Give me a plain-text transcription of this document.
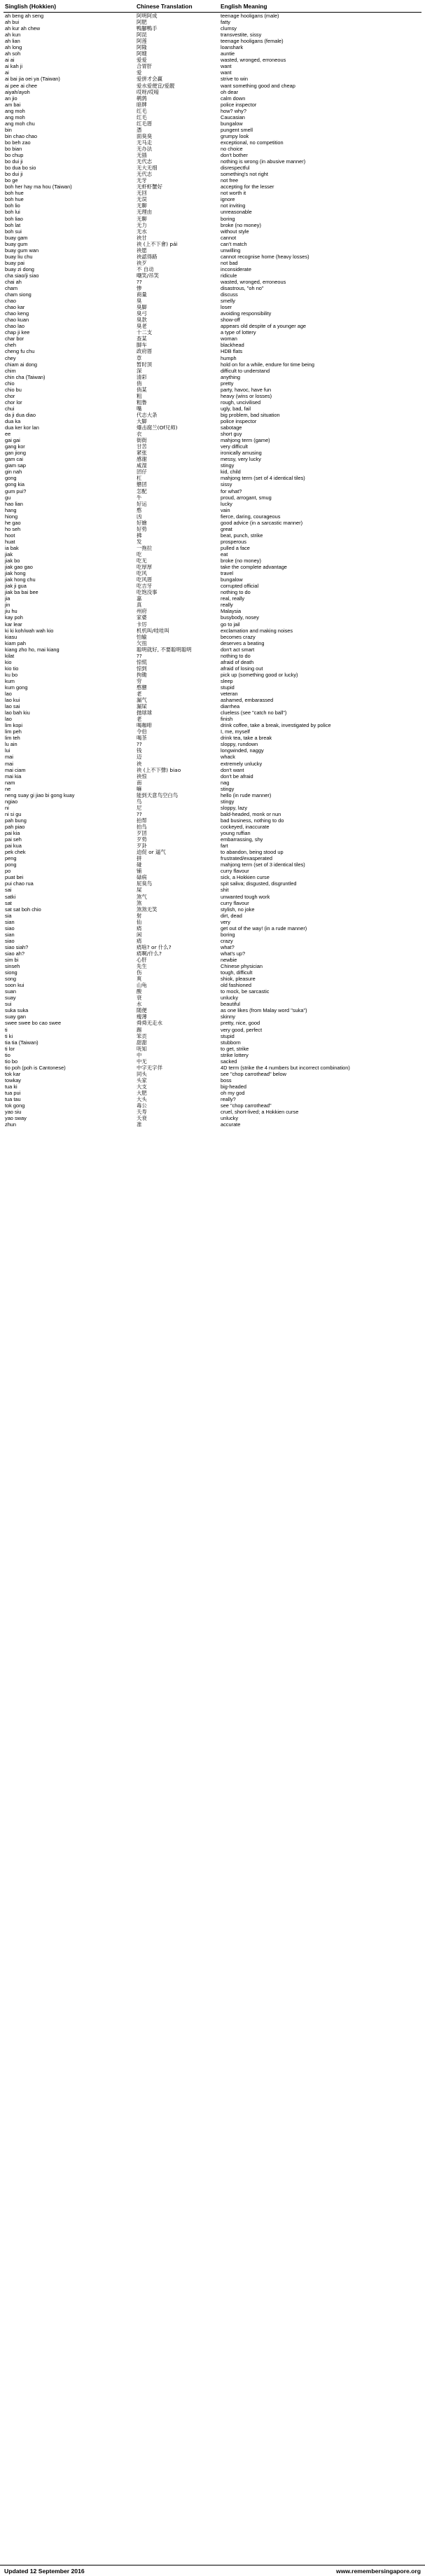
Singlish (Hokkien)	Chinese Translation	English Meaning
ah beng ah seng	阿明阿成	teenage hooligans (male)
ah bui	阿肥	fatty
ah kur ah chew	鴨腳鴨手	clumsy
ah kun	阿昆	transvestite, sissy
ah lian	阿莲	teenage hooligans (female)
ah long	阿隆	loanshark
ah soh	阿嫂	auntie
ai ai	爱爱	wasted, wronged, erroneous
ai kah ji	合胃肝	want
ai	爱	want
ai bai jia oei ya (Taiwan)	爱拼才会赢	strive to win
ai pee ai chee	爱水爱便宜/爱靓	want something good and cheap
aiyah/ayoh	哎呀/哎唷	oh dear
an jio	鹌鹑	calm down
am bai	暗牌	police inspector
ang moh	红毛	how? why?
ang moh	红毛	Caucasian
ang moh chu	红毛厝	bungalow
bin	憑	pungent smell
bin chao chao	面臭臭	grumpy look
bo beh zao	无马走	exceptional, no competition
bo bian	无办法	no choice
bo chup	无插	don't bother
bo dui ji	无代志	nothing is wrong (in abusive manner)
bo dua bo sio	无大无细	disrespectful
bo dui ji	无代志	something's not right
bo ge	无牙	not free
boh her hay ma hou (Taiwan)	无虾虾蟹好	accepting for the lesser
boh hue	无回	not worth it
boh hue	无误	ignore
boh lio	无聊	not inviting
boh lui	无理由	unreasonable
boh liao	无聊	boring
boh lat	无力	broke (no money)
boh sui	无水	without style
buay gam	袂甘	cannot
buay gum	袂 (上不下會) pái	can't match
buay gum wan	袂愿	unwilling
buay liu chu	袂認得路	cannot recognise home (heavy losses)
buay pai	袂歹	not bad
buay zi dong	不 自动	inconsiderate
cha siao/ji siao	嘲笑/吊笑	ridicule
chai ah	??	wasted, wronged, erroneous
cham	惨	disastrous, "oh no"
cham siong	商量	discuss
chao	臭	smelly
chao kar	臭脚	loser
chao keng	臭弓	avoiding responsibility
chao kuan	臭款	show-off
chao lao	臭老	appears old despite of a younger age
chap ji kee	十二支	a type of lottery
char bor	查某	woman
cheh	脚车	blackhead
cheng fu chu	政府厝	HDB flats
chey	草	humph
chiam ai dong	暂时顶	hold on for a while, endure for time being
chim	深	difficult to understand
chin cha (Taiwan)	清彩	anything
chio	俏	pretty
chio bu	俏某	party, havoc, have fun
chor	粗	heavy (wins or losses)
chor lor	粗鲁	rough, uncivilised
chui	嘴	ugly, bad, fail
da ji dua diao	代志大条	big problem, bad situation
dua ka	大脚	police inspector
dua ker kor lan	爆击腐兰(Of兄师)	sabotage
ee	衣	short guy
gai gai	街街	mahjong term (game)
gang kor	甘苦	very difficult
gan jiong	紧张	ironically amusing
gam cai	感谢	messy, very lucky
giam sap	咸湿	stingy
gin nah	囝仔	kid, child
gong	杠	mahjong term (set of 4 identical tiles)
gong kia	戆囝	sissy
gum pui?	怎配	for what?
gu	牛	proud, arrogant, smug
hao lian	好运	lucky
hang	憨	vain
hiong	凶	fierce, daring, courageous
he gao	好繪	good advice (in a sarcastic manner)
ho seh	好势	great
hoot	拂	beat, punch, strike
huat	发	prosperous
ia bak	一拖拉	pulled a face
jiak	吃	eat
jiak bo	吃无	broke (no money)
jiak gao gao	吃厚厚	take the complete advantage
jiak hong	吃风	travel
jiak hong chu	吃风厝	bungalow
jiak ji gua	吃吉牙	corrupted official
jiak ba bai bee	吃饱没事	nothing to do
jia	嘉	real, really
jin	真	really
jiu hu	州府	Malaysia
kay poh	家婆	busybody, nosey
kar lear	卡厉	go to jail
ki ki koh/wah wah kio	机机叫/哇哇叫	exclamation and making noises
kiasu	怕输	becomes crazy
kiam pah	欠扭	deserves a beating
kiang zho ho, mai kiang	聪明就好, 不要聪明聪明	don't act smart
kilat	??	nothing to do
kio	惊慌	afraid of death
kio tio	惊到	afraid of losing out
ku bo	拘锄	pick up (something good or lucky)
kum	穷	sleep
kum gong	憨戆	stupid
lao	老	veteran
lao kui	漏气	ashamed, embarassed
lao sai	漏屎	diarrhea
lao bah kiu	抛球球	clueless (see "catch no ball")
lao	老	finish
lim kopi	喝咖啡	drink coffee, take a break, investigated by police
lim peh	令伯	I, me, myself
lim teh	喝茶	drink tea, take a break
lu ain	??	sloppy, rundown
lui	钱	longwinded, naggy
mai	迈	whack
mai	袂	extremely unlucky
mai ciam	袂 (上不下聲) biao	don't want
mai kia	袂惊	don't be afraid
nam	南	nag
ne	嘛	stingy
neng suay gi jiao bi gong kuay	能到天意鸟空白鸟	hello (in rude manner)
ngiao	鸟	stingy
ni	尼	sloppy, lazy
ni si gu	??	bald-headed, monk or nun
pah bung	拍帮	bad business, nothing to do
pah piao	拍鸟	cockeyed, inaccurate
pai kia	歹囝	young ruffian
pai seh	歹势	embarrassing, shy
pai kua	歹卦	fart
pek chek	迫促 or 逼气	to abandon, being stood up
peng	拼	frustrated/exasperated
pong	碰	mahjong term (set of 3 identical tiles)
po	铺	curry flavour
puat bei	碌病	sick, a Hokkien curse
pui chao rua	屁臭鸟	spit saliva; disgusted, disgruntled
sai	屎	shit
satki	煞气	unwanted tough work
sat	煞	curry flavour
sat sat boh chio	煞煞无笑	stylish, no joke
sia	射	dirt, dead
sian	仙	very
siao	痟	get out of the way! (in a rude manner)
sian	闲	boring
siao	痟	crazy
siao siah?	痟啥? or 什么?	what?
siao ah?	痟啊/什么?	what's up?
sim bi	心肝	newbie
sinseh	先生	Chinese physician
siong	伤	tough, difficult
song	爽	shiok, pleasure
soon kui	山龟	old fashioned
suan	酸	to mock, be sarcastic
suay	衰	unlucky
sui	水	beautiful
suka suka	随便	as one likes (from Malay word "suka")
suay gan	瘦薄	skinny
swee swee bo cao swee	舜舜无走水	pretty, nice, good
ti	踢	very good, perfect
ti ki	笨贡	stupid
tia tia (Taiwan)	甜甜	stubborn
ti lor	呒知	to get, strike
tio	中	strike lottery
tio bo	中无	sacked
tio poh (poh is Cantonese)	中字无字佯	4D term (strike the 4 numbers but incorrect combination)
tok kar	同头	see "chop carrothead" below
towkay	头家	boss
tua ki	大支	big-headed
tua pui	大肥	oh my god
tua tau	大头	really?
tok gong	毒公	see "chop carrothead"
yao siu	夭寿	cruel, short-lived; a Hokkien curse
yao sway	夭衰	unlucky
zhun	准	accurate
Updated 12 September 2016	www.remembersingapore.org
